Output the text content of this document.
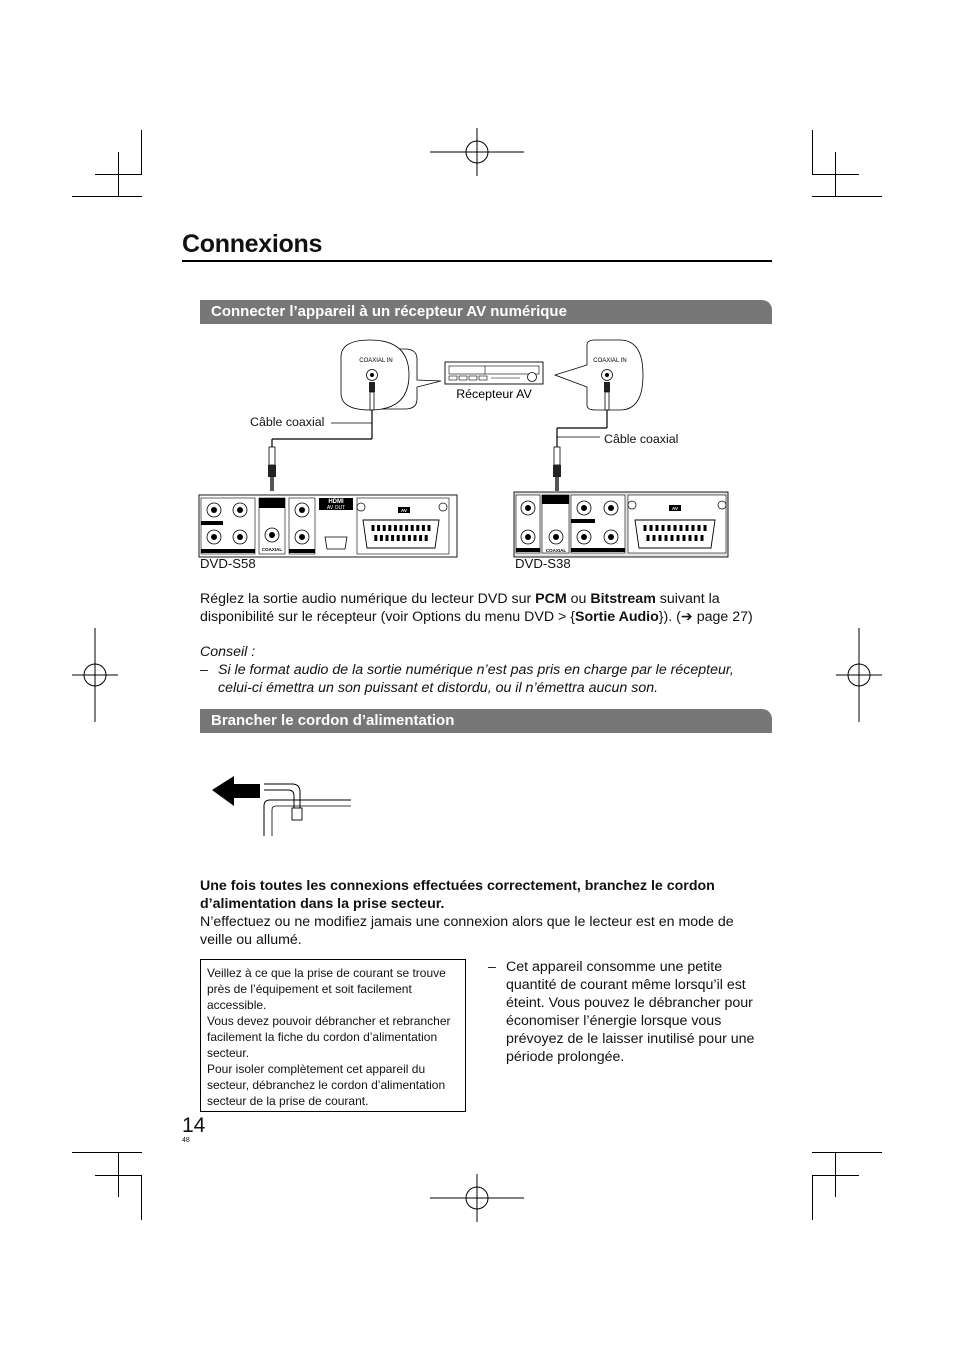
Connexions
Connecter l’appareil à un récepteur AV numérique
COAXIAL IN
Récepteur AV
COAXIAL IN
COAXIAL
HDMI
AV OUT	AV
COAXIAL
AV
Câble coaxial
Câble coaxial
DVD-S58	DVD-S38
Réglez la sortie audio numérique du lecteur DVD sur PCM ou Bitstream suivant la disponibilité sur le récepteur (voir Options du menu DVD > {Sortie Audio}). (➔ page 27)
Conseil :
– Si le format audio de la sortie numérique n’est pas pris en charge par le récepteur, celui-ci émettra un son puissant et distordu, ou il n’émettra aucun son.
Brancher le cordon d’alimentation
Une fois toutes les connexions effectuées correctement, branchez le cordon d’alimentation dans la prise secteur.
N’effectuez ou ne modifiez jamais une connexion alors que le lecteur est en mode de veille ou allumé.

Veillez à ce que la prise de courant se trouve près de l’équipement et soit facilement accessible.

Vous devez pouvoir débrancher et rebrancher facilement la fiche du cordon d’alimentation secteur.

Pour isoler complètement cet appareil du secteur, débranchez le cordon d’alimentation secteur de la prise de courant.

– Cet appareil consomme une petite quantité de courant même lorsqu’il est éteint. Vous pouvez le débrancher pour économiser l’énergie lorsque vous prévoyez de le laisser inutilisé pour une période prolongée.
14
48
